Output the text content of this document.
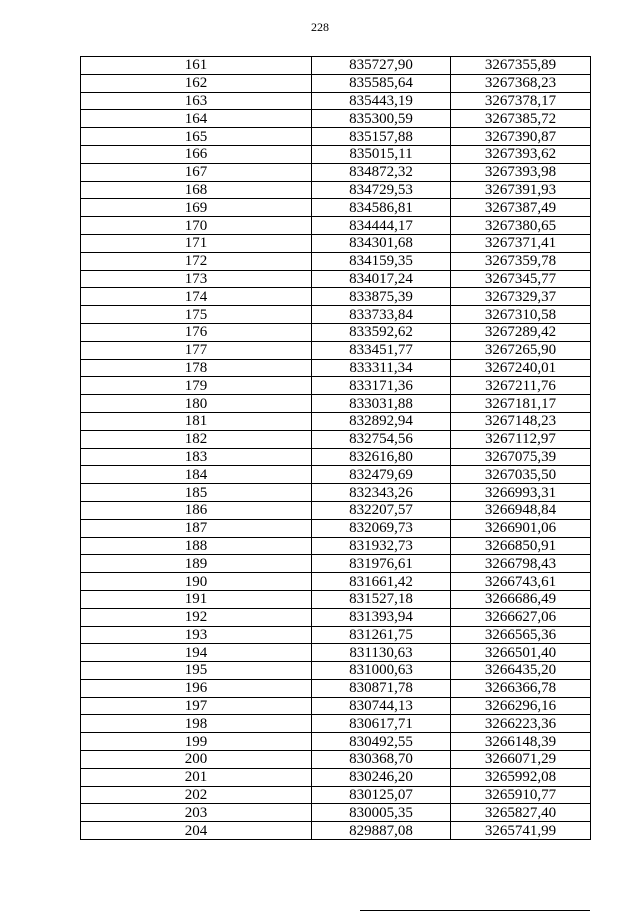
228
161	835727,90	3267355,89
162	835585,64	3267368,23
163	835443,19	3267378,17
164	835300,59	3267385,72
165	835157,88	3267390,87
166	835015,11	3267393,62
167	834872,32	3267393,98
168	834729,53	3267391,93
169	834586,81	3267387,49
170	834444,17	3267380,65
171	834301,68	3267371,41
172	834159,35	3267359,78
173	834017,24	3267345,77
174	833875,39	3267329,37
175	833733,84	3267310,58
176	833592,62	3267289,42
177	833451,77	3267265,90
178	833311,34	3267240,01
179	833171,36	3267211,76
180	833031,88	3267181,17
181	832892,94	3267148,23
182	832754,56	3267112,97
183	832616,80	3267075,39
184	832479,69	3267035,50
185	832343,26	3266993,31
186	832207,57	3266948,84
187	832069,73	3266901,06
188	831932,73	3266850,91
189	831976,61	3266798,43
190	831661,42	3266743,61
191	831527,18	3266686,49
192	831393,94	3266627,06
193	831261,75	3266565,36
194	831130,63	3266501,40
195	831000,63	3266435,20
196	830871,78	3266366,78
197	830744,13	3266296,16
198	830617,71	3266223,36
199	830492,55	3266148,39
200	830368,70	3266071,29
201	830246,20	3265992,08
202	830125,07	3265910,77
203	830005,35	3265827,40
204	829887,08	3265741,99
